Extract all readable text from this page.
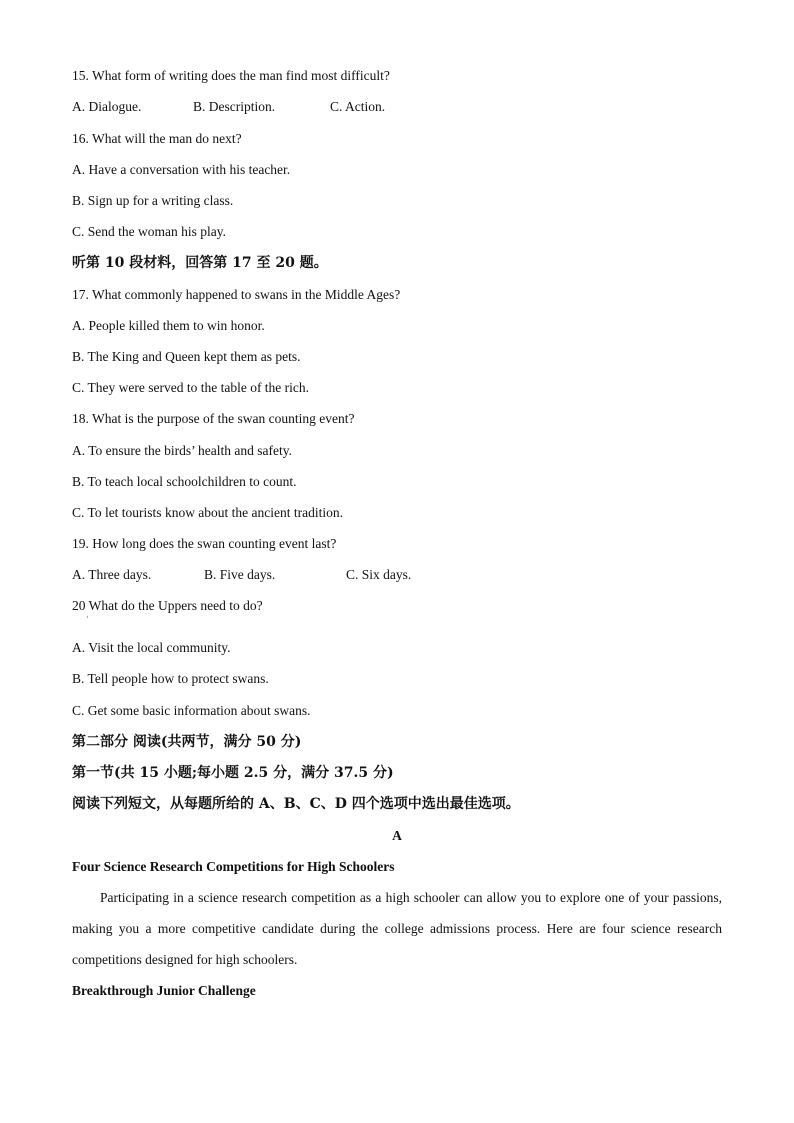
15. What form of writing does the man find most difficult?
A. Dialogue.	B. Description.	C. Action.
16. What will the man do next?
A. Have a conversation with his teacher.
B. Sign up for a writing class.
C. Send the woman his play.
听第 10 段材料，回答第 17 至 20 题。
17. What commonly happened to swans in the Middle Ages?
A. People killed them to win honor.
B. The King and Queen kept them as pets.
C. They were served to the table of the rich.
18. What is the purpose of the swan counting event?
A. To ensure the birds’ health and safety.
B. To teach local schoolchildren to count.
C. To let tourists know about the ancient tradition.
19. How long does the swan counting event last?
A. Three days.	B. Five days.	C. Six days.
20 What do the Uppers need to do?
·
A. Visit the local community.
B. Tell people how to protect swans.
C. Get some basic information about swans.
第二部分 阅读(共两节，满分 50 分)
第一节(共 15 小题;每小题 2.5 分，满分 37.5 分)
阅读下列短文，从每题所给的 A、B、C、D 四个选项中选出最佳选项。
A
Four Science Research Competitions for High Schoolers

Participating in a science research competition as a high schooler can allow you to explore one of your passions, making you a more competitive candidate during the college admissions process. Here are four science research competitions designed for high schoolers.

Breakthrough Junior Challenge
